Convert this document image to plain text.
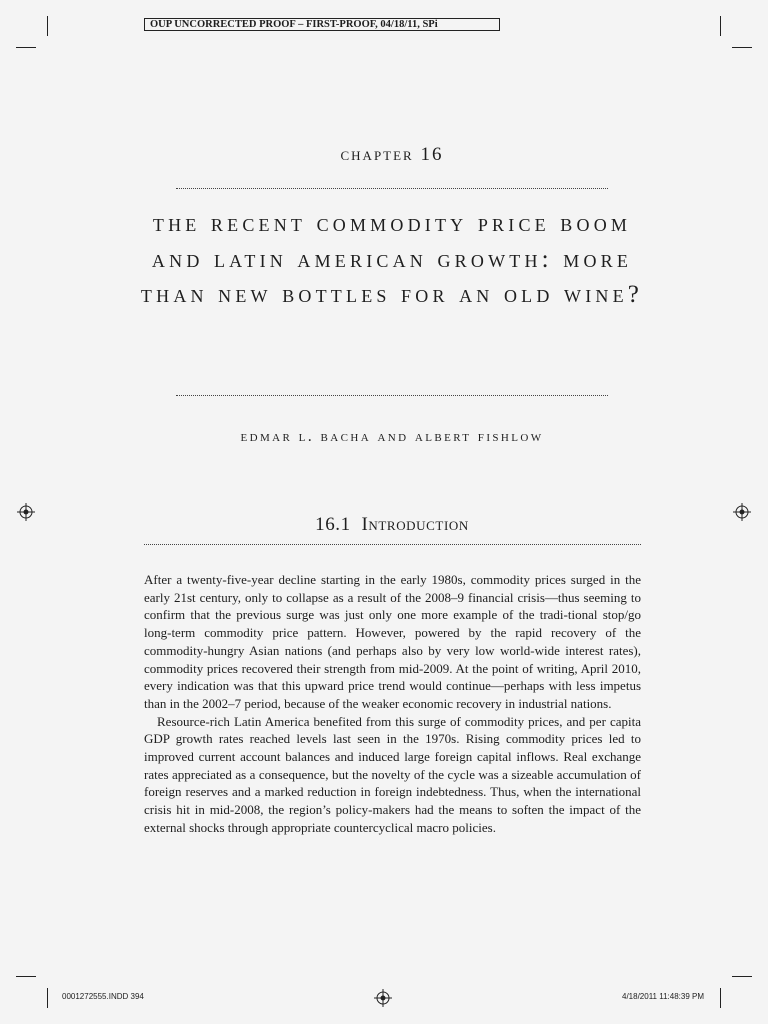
OUP UNCORRECTED PROOF – FIRST-PROOF, 04/18/11, SPi
chapter 16
the recent commodity price boom and latin american growth: more than new bottles for an old wine?
edmar l. bacha and albert fishlow
16.1 Introduction

After a twenty-five-year decline starting in the early 1980s, commodity prices surged in the early 21st century, only to collapse as a result of the 2008–9 financial crisis—thus seeming to confirm that the previous surge was just only one more example of the tradi-tional stop/go long-term commodity price pattern. However, powered by the rapid recovery of the commodity-hungry Asian nations (and perhaps also by very low world-wide interest rates), commodity prices recovered their strength from mid-2009. At the point of writing, April 2010, every indication was that this upward price trend would continue—perhaps with less impetus than in the 2002–7 period, because of the weaker economic recovery in industrial nations.

Resource-rich Latin America benefited from this surge of commodity prices, and per capita GDP growth rates reached levels last seen in the 1970s. Rising commodity prices led to improved current account balances and induced large foreign capital inflows. Real exchange rates appreciated as a consequence, but the novelty of the cycle was a sizeable accumulation of foreign reserves and a marked reduction in foreign indebtedness. Thus, when the international crisis hit in mid-2008, the region’s policy-makers had the means to soften the impact of the external shocks through appropriate countercyclical macro policies.

0001272555.INDD 394	4/18/2011 11:48:39 PM
